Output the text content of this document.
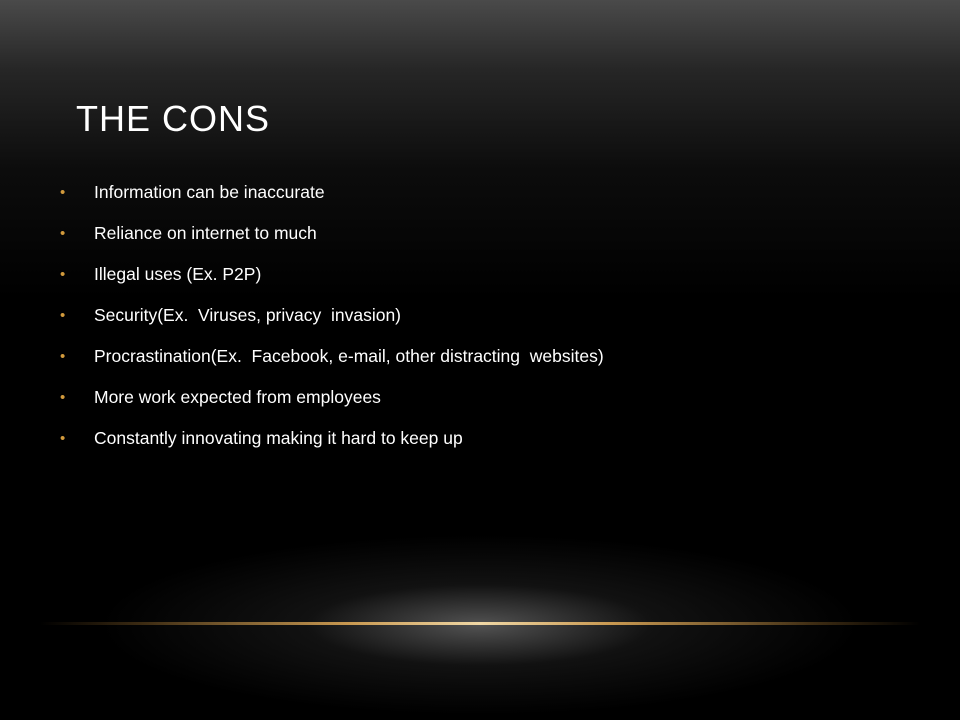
THE CONS
•	Information can be inaccurate
•	Reliance on internet to much
•	Illegal uses (Ex. P2P)
•	Security(Ex.  Viruses, privacy  invasion)
•	Procrastination(Ex.  Facebook, e-mail, other distracting  websites)
•	More work expected from employees
•	Constantly innovating making it hard to keep up
